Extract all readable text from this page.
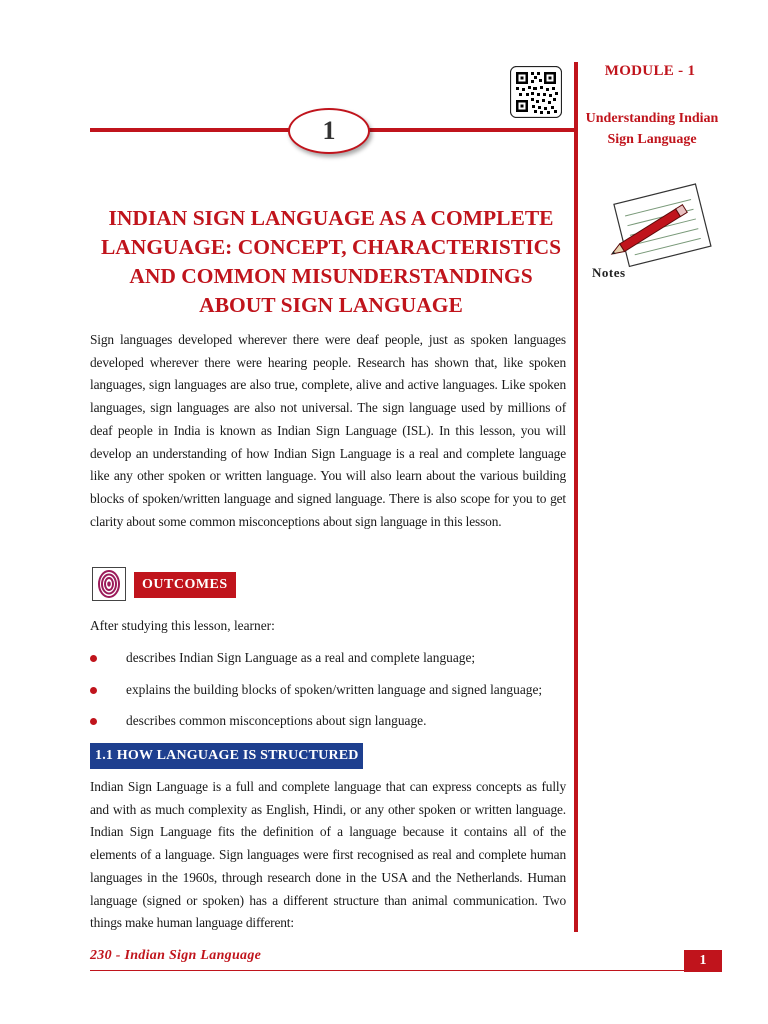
MODULE - 1
Understanding Indian
Sign Language
Notes
1
INDIAN SIGN LANGUAGE AS A COMPLETE
LANGUAGE: CONCEPT, CHARACTERISTICS
AND COMMON MISUNDERSTANDINGS
ABOUT SIGN LANGUAGE

Sign languages developed wherever there were deaf people, just as spoken languages developed wherever there were hearing people. Research has shown that, like spoken languages, sign languages are also true, complete, alive and active languages. Like spoken languages, sign languages are also not universal. The sign language used by millions of deaf people in India is known as Indian Sign Language (ISL). In this lesson, you will develop an understanding of how Indian Sign Language is a real and complete language like any other spoken or written language. You will also learn about the various building blocks of spoken/written language and signed language. There is also scope for you to get clarity about some common misconceptions about sign language in this lesson.

OUTCOMES
After studying this lesson, learner:
describes Indian Sign Language as a real and complete language;
explains the building blocks of spoken/written language and signed language;
describes common misconceptions about sign language.
1.1 HOW LANGUAGE IS STRUCTURED

Indian Sign Language is a full and complete language that can express concepts as fully and with as much complexity as English, Hindi, or any other spoken or written language. Indian Sign Language fits the definition of a language because it contains all of the elements of a language. Sign languages were first recognised as real and complete human languages in the 1960s, through research done in the USA and the Netherlands. Human language (signed or spoken) has a different structure than animal communication. Two things make human language different:

230 - Indian Sign Language	1
